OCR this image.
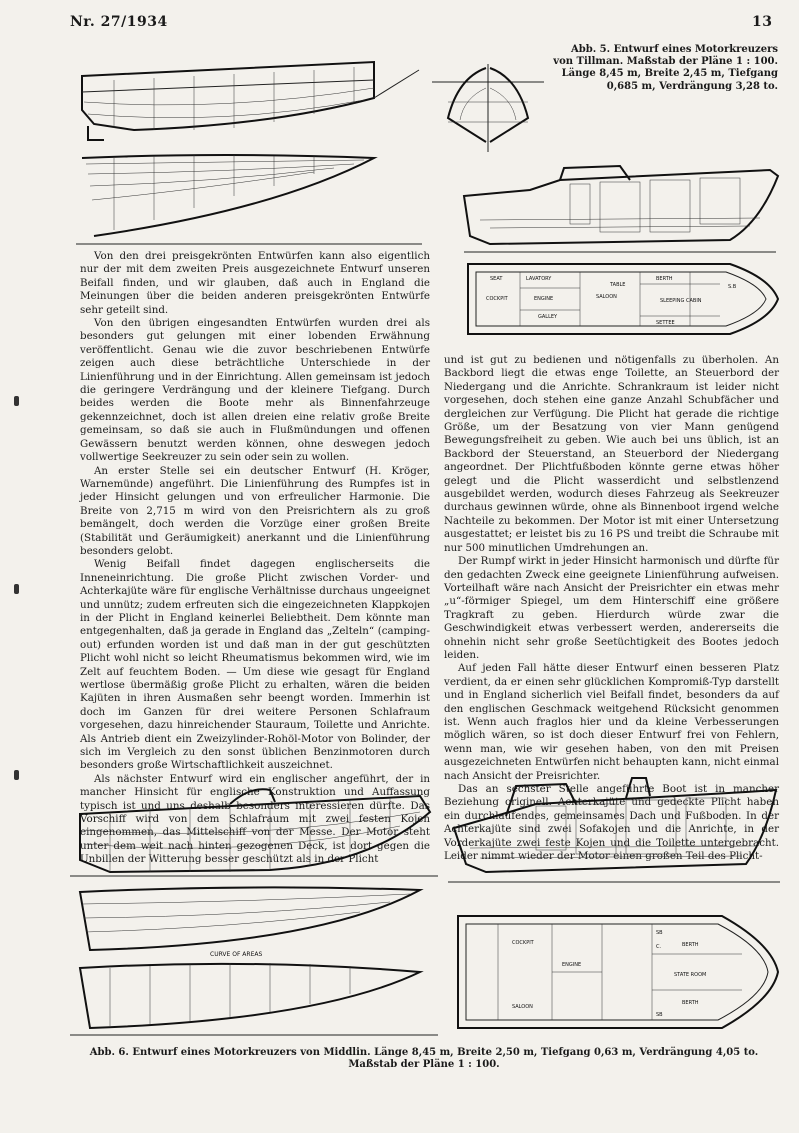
Nr. 27/1934	13
Abb. 5. Entwurf eines Motorkreuzers von Tillman. Maßstab der Pläne 1 : 100. Länge 8,45 m, Breite 2,45 m, Tiefgang 0,685 m, Verdrängung 3,28 to.
SEAT	LAVATORY
COCKPIT	ENGINE
GALLEY
SALOON
TABLE
BERTH
SETTEE
SLEEPING CABIN
S.B

Von den drei preisgekrönten Entwürfen kann also eigentlich nur der mit dem zweiten Preis ausgezeichnete Entwurf unseren Beifall finden, und wir glauben, daß auch in England die Meinungen über die beiden anderen preisgekrönten Entwürfe sehr geteilt sind.

Von den übrigen eingesandten Entwürfen wurden drei als besonders gut gelungen mit einer lobenden Erwähnung veröffentlicht. Genau wie die zuvor beschriebenen Entwürfe zeigen auch diese beträchtliche Unterschiede in der Linienführung und in der Einrichtung. Allen gemeinsam ist jedoch die geringere Verdrängung und der kleinere Tiefgang. Durch beides werden die Boote mehr als Binnenfahrzeuge gekennzeichnet, doch ist allen dreien eine relativ große Breite gemeinsam, so daß sie auch in Flußmündungen und offenen Gewässern benutzt werden können, ohne deswegen jedoch vollwertige Seekreuzer zu sein oder sein zu wollen.

An erster Stelle sei ein deutscher Entwurf (H. Kröger, Warnemünde) angeführt. Die Linienführung des Rumpfes ist in jeder Hinsicht gelungen und von erfreulicher Harmonie. Die Breite von 2,715 m wird von den Preisrichtern als zu groß bemängelt, doch werden die Vorzüge einer großen Breite (Stabilität und Geräumigkeit) anerkannt und die Linienführung besonders gelobt.

Wenig Beifall findet dagegen englischerseits die Inneneinrichtung. Die große Plicht zwischen Vorder- und Achterkajüte wäre für englische Verhältnisse durchaus ungeeignet und unnütz; zudem erfreuten sich die eingezeichneten Klappkojen in der Plicht in England keinerlei Beliebtheit. Dem könnte man entgegenhalten, daß ja gerade in England das „Zelteln“ (camping-out) erfunden worden ist und daß man in der gut geschützten Plicht wohl nicht so leicht Rheumatismus bekommen wird, wie im Zelt auf feuchtem Boden. — Um diese wie gesagt für England wertlose übermäßig große Plicht zu erhalten, wären die beiden Kajüten in ihren Ausmaßen sehr beengt worden. Immerhin ist doch im Ganzen für drei weitere Personen Schlafraum vorgesehen, dazu hinreichender Stauraum, Toilette und Anrichte. Als Antrieb dient ein Zweizylinder-Rohöl-Motor von Bolinder, der sich im Vergleich zu den sonst üblichen Benzinmotoren durch besonders große Wirtschaftlichkeit auszeichnet.

Als nächster Entwurf wird ein englischer angeführt, der in mancher Hinsicht für englische Konstruktion und Auffassung typisch ist und uns deshalb besonders interessieren dürfte. Das Vorschiff wird von dem Schlafraum mit zwei festen Kojen eingenommen, das Mittelschiff von der Messe. Der Motor steht unter dem weit nach hinten gezogenen Deck, ist dort gegen die Unbillen der Witterung besser geschützt als in der Plicht

und ist gut zu bedienen und nötigenfalls zu überholen. An Backbord liegt die etwas enge Toilette, an Steuerbord der Niedergang und die Anrichte. Schrankraum ist leider nicht vorgesehen, doch stehen eine ganze Anzahl Schubfächer und dergleichen zur Verfügung. Die Plicht hat gerade die richtige Größe, um der Besatzung von vier Mann genügend Bewegungsfreiheit zu geben. Wie auch bei uns üblich, ist an Backbord der Steuerstand, an Steuerbord der Niedergang angeordnet. Der Plichtfußboden könnte gerne etwas höher gelegt und die Plicht wasserdicht und selbstlenzend ausgebildet werden, wodurch dieses Fahrzeug als Seekreuzer durchaus gewinnen würde, ohne als Binnenboot irgend welche Nachteile zu bekommen. Der Motor ist mit einer Untersetzung ausgestattet; er leistet bis zu 16 PS und treibt die Schraube mit nur 500 minutlichen Umdrehungen an.

Der Rumpf wirkt in jeder Hinsicht harmonisch und dürfte für den gedachten Zweck eine geeignete Linienführung aufweisen. Vorteilhaft wäre nach Ansicht der Preisrichter ein etwas mehr „u“-förmiger Spiegel, um dem Hinterschiff eine größere Tragkraft zu geben. Hierdurch würde zwar die Geschwindigkeit etwas verbessert werden, andererseits die ohnehin nicht sehr große Seetüchtigkeit des Bootes jedoch leiden.

Auf jeden Fall hätte dieser Entwurf einen besseren Platz verdient, da er einen sehr glücklichen Kompromiß-Typ darstellt und in England sicherlich viel Beifall findet, besonders da auf den englischen Geschmack weitgehend Rücksicht genommen ist. Wenn auch fraglos hier und da kleine Verbesserungen möglich wären, so ist doch dieser Entwurf frei von Fehlern, wenn man, wie wir gesehen haben, von den mit Preisen ausgezeichneten Entwürfen nicht behaupten kann, nicht einmal nach Ansicht der Preisrichter.

Das an sechster Stelle angeführte Boot ist in mancher Beziehung originell. Achterkajüte und gedeckte Plicht haben ein durchlaufendes, gemeinsames Dach und Fußboden. In der Achterkajüte sind zwei Sofakojen und die Anrichte, in der Vorderkajüte zwei feste Kojen und die Toilette untergebracht. Leider nimmt wieder der Motor einen großen Teil des Plicht-

CURVE OF AREAS
COCKPIT
ENGINE
SALOON
STATE ROOM
BERTH
BERTH
SB
SB
C.
Abb. 6. Entwurf eines Motorkreuzers von Middlin. Länge 8,45 m, Breite 2,50 m, Tiefgang 0,63 m, Verdrängung 4,05 to. Maßstab der Pläne 1 : 100.
